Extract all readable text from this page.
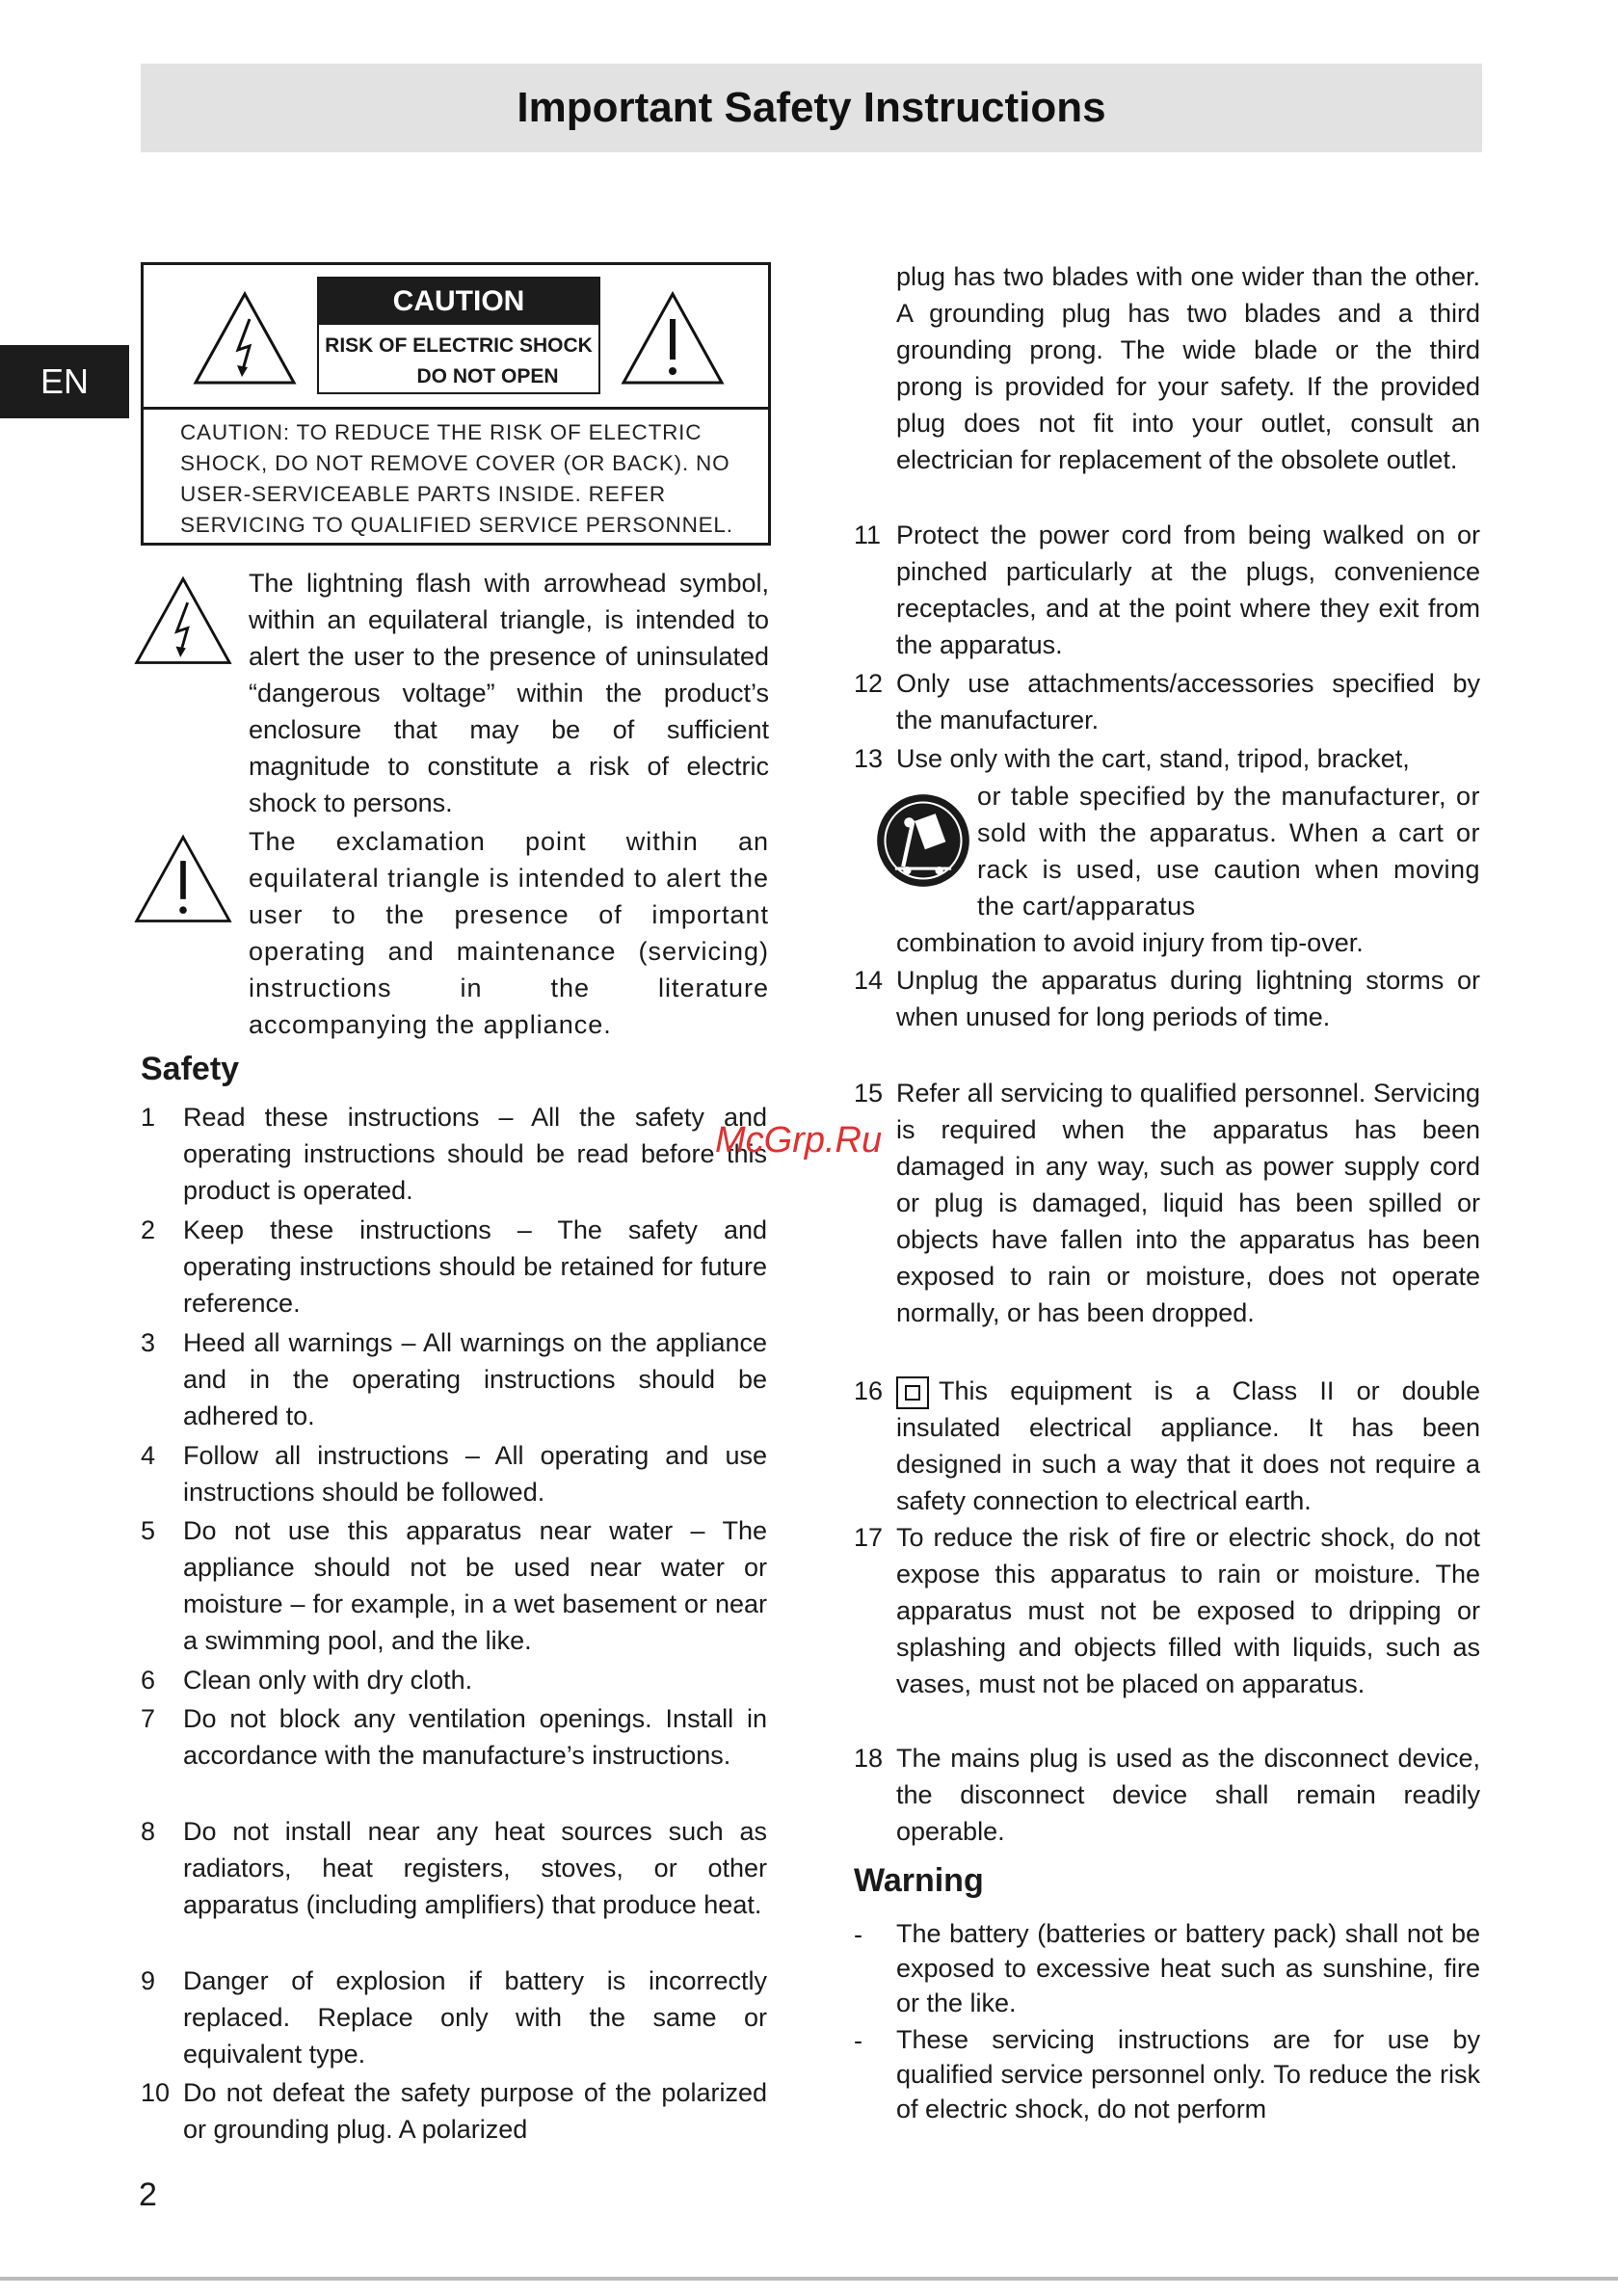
Important Safety Instructions
EN
CAUTION
RISK OF ELECTRIC SHOCK
DO NOT OPEN
CAUTION: TO REDUCE THE RISK OF ELECTRIC SHOCK, DO NOT REMOVE COVER (OR BACK). NO USER-SERVICEABLE PARTS INSIDE. REFER SERVICING TO QUALIFIED SERVICE PERSONNEL.
The lightning flash with arrowhead symbol, within an equilateral triangle, is intended to alert the user to the presence of uninsulated “dangerous voltage” within the product’s enclosure that may be of sufficient magnitude to constitute a risk of electric shock to persons.
The exclamation point within an equilateral triangle is intended to alert the user to the presence of important operating and maintenance (servicing) instructions in the literature accompanying the appliance.
Safety
1 Read these instructions – All the safety and operating instructions should be read before this product is operated.
2 Keep these instructions – The safety and operating instructions should be retained for future reference.
3 Heed all warnings – All warnings on the appliance and in the operating instructions should be adhered to.
4 Follow all instructions – All operating and use instructions should be followed.
5 Do not use this apparatus near water – The appliance should not be used near water or moisture – for example, in a wet basement or near a swimming pool, and the like.
6 Clean only with dry cloth.
7 Do not block any ventilation openings. Install in accordance with the manufacture’s instructions.
8 Do not install near any heat sources such as radiators, heat registers, stoves, or other apparatus (including amplifiers) that produce heat.
9 Danger of explosion if battery is incorrectly replaced. Replace only with the same or equivalent type.
10 Do not defeat the safety purpose of the polarized or grounding plug. A polarized
plug has two blades with one wider than the other. A grounding plug has two blades and a third grounding prong. The wide blade or the third prong is provided for your safety. If the provided plug does not fit into your outlet, consult an electrician for replacement of the obsolete outlet.
11 Protect the power cord from being walked on or pinched particularly at the plugs, convenience receptacles, and at the point where they exit from the apparatus.
12 Only use attachments/accessories specified by the manufacturer.
13 Use only with the cart, stand, tripod, bracket,
or table specified by the manufacturer, or sold with the apparatus. When a cart or rack is used, use caution when moving the cart/apparatus
combination to avoid injury from tip-over.
14 Unplug the apparatus during lightning storms or when unused for long periods of time.
15 Refer all servicing to qualified personnel. Servicing is required when the apparatus has been damaged in any way, such as power supply cord or plug is damaged, liquid has been spilled or objects have fallen into the apparatus has been exposed to rain or moisture, does not operate normally, or has been dropped.
16	This equipment is a Class II or double insulated electrical appliance. It has been designed in such a way that it does not require a safety connection to electrical earth.
17 To reduce the risk of fire or electric shock, do not expose this apparatus to rain or moisture. The apparatus must not be exposed to dripping or splashing and objects filled with liquids, such as vases, must not be placed on apparatus.
18 The mains plug is used as the disconnect device, the disconnect device shall remain readily operable.
Warning
- The battery (batteries or battery pack) shall not be exposed to excessive heat such as sunshine, fire or the like.
- These servicing instructions are for use by qualified service personnel only. To reduce the risk of electric shock, do not perform
McGrp.Ru
2
